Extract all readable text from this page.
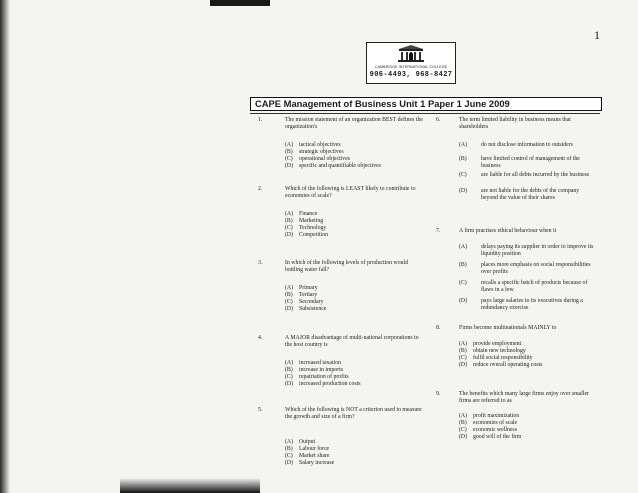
1
CAMBRIDGE INTERNATIONAL COLLEGE
906-4493, 968-8427
CAPE Management of Business Unit 1 Paper 1 June 2009
1.	The mission statement of an organization BEST defines the organization's
(A) tactical objectives
(B) strategic objectives
(C) operational objectives
(D) specific and quantifiable objectives
2.	Which of the following is LEAST likely to contribute to economies of scale?
(A) Finance
(B) Marketing
(C) Technology
(D) Competition
3.	In which of the following levels of production would bottling water fall?
(A) Primary
(B) Tertiary
(C) Secondary
(D) Subsistence
4.	A MAJOR disadvantage of multi-national corporations to the host country is
(A) increased taxation
(B) increase in imports
(C) repatriation of profits
(D) increased production costs
5.	Which of the following is NOT a criterion used to measure the growth and size of a firm?
(A) Output
(B) Labour force
(C) Market share
(D) Salary increase
6.	The term limited liability in business means that shareholders
(A)	do not disclose information to outsiders
(B)	have limited control of management of the business
(C)	are liable for all debts incurred by the business
(D)	are not liable for the debts of the company beyond the value of their shares
7.	A firm practises ethical behaviour when it
(A)	delays paying its supplier in order to improve its liquidity position
(B)	places more emphasis on social responsibilities over profits
(C)	recalls a specific batch of products because of flaws in a few
(D)	pays large salaries to its executives during a redundancy exercise
8.	Firms become multinationals MAINLY to
(A) provide employment
(B) obtain new technology
(C) fulfil social responsibility
(D) reduce overall operating costs
9.	The benefits which many large firms enjoy over smaller firms are referred to as
(A) profit maximization
(B) economies of scale
(C) economic wellness
(D) good will of the firm
